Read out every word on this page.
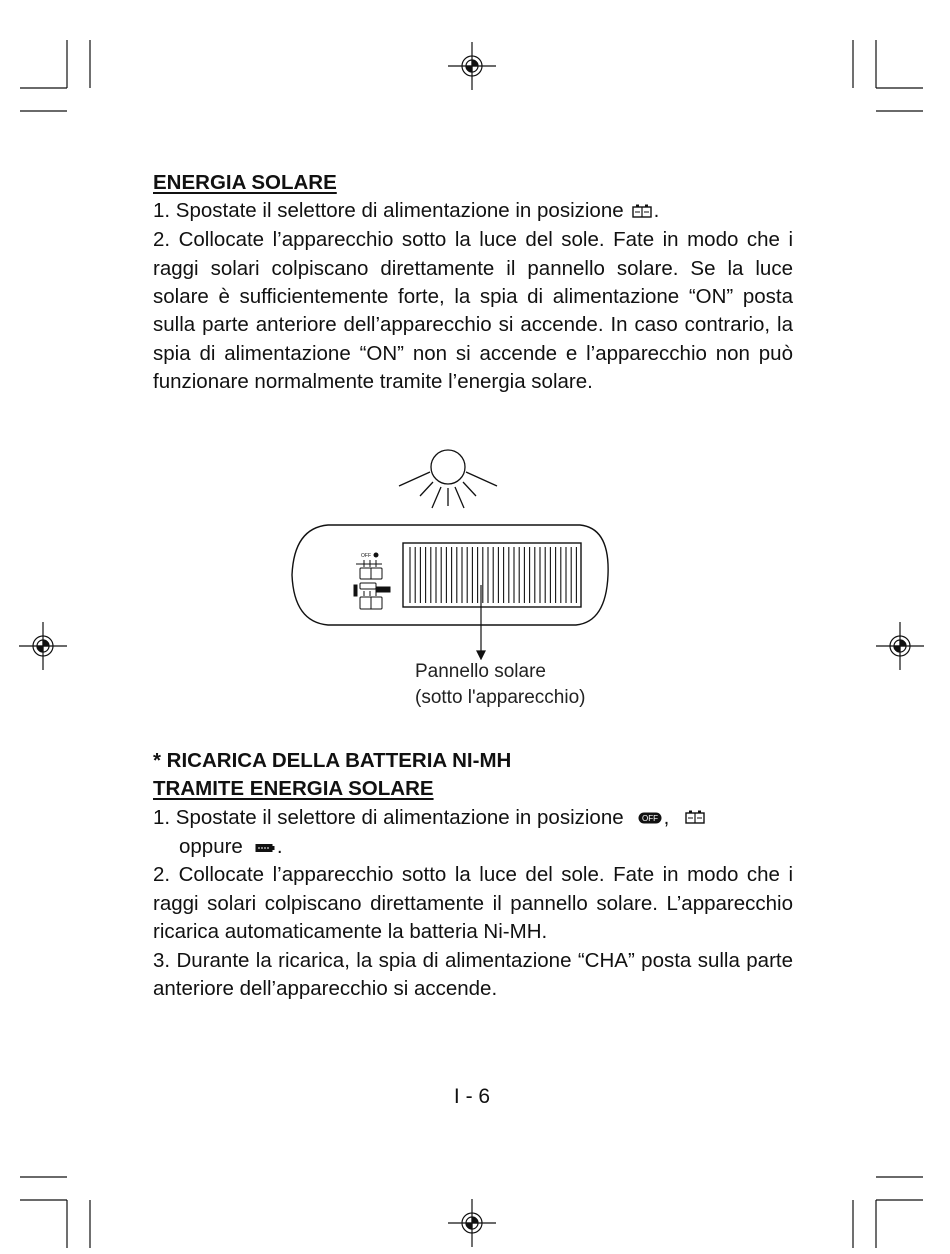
ENERGIA SOLARE
1. Spostate il selettore di alimentazione in posizione .
2. Collocate l’apparecchio sotto la luce del sole. Fate in modo che i raggi solari colpiscano direttamente il pannello solare. Se la luce solare è sufficientemente forte, la spia di alimentazione “ON” posta sulla parte anteriore dell’apparecchio si accende. In caso contrario, la spia di alimentazione “ON” non si accende e l’apparecchio non può funzionare normalmente tramite l’energia solare.
OFF
Pannello solare
(sotto l'apparecchio)
* RICARICA DELLA BATTERIA NI-MH
TRAMITE ENERGIA SOLARE
1. Spostate il selettore di alimentazione in posizione OFF ,
oppure .
2. Collocate l’apparecchio sotto la luce del sole. Fate in modo che i raggi solari colpiscano direttamente il pannello solare. L’apparecchio ricarica automaticamente la batteria Ni-MH.
3. Durante la ricarica, la spia di alimentazione “CHA” posta sulla parte anteriore dell’apparecchio si accende.
I - 6
